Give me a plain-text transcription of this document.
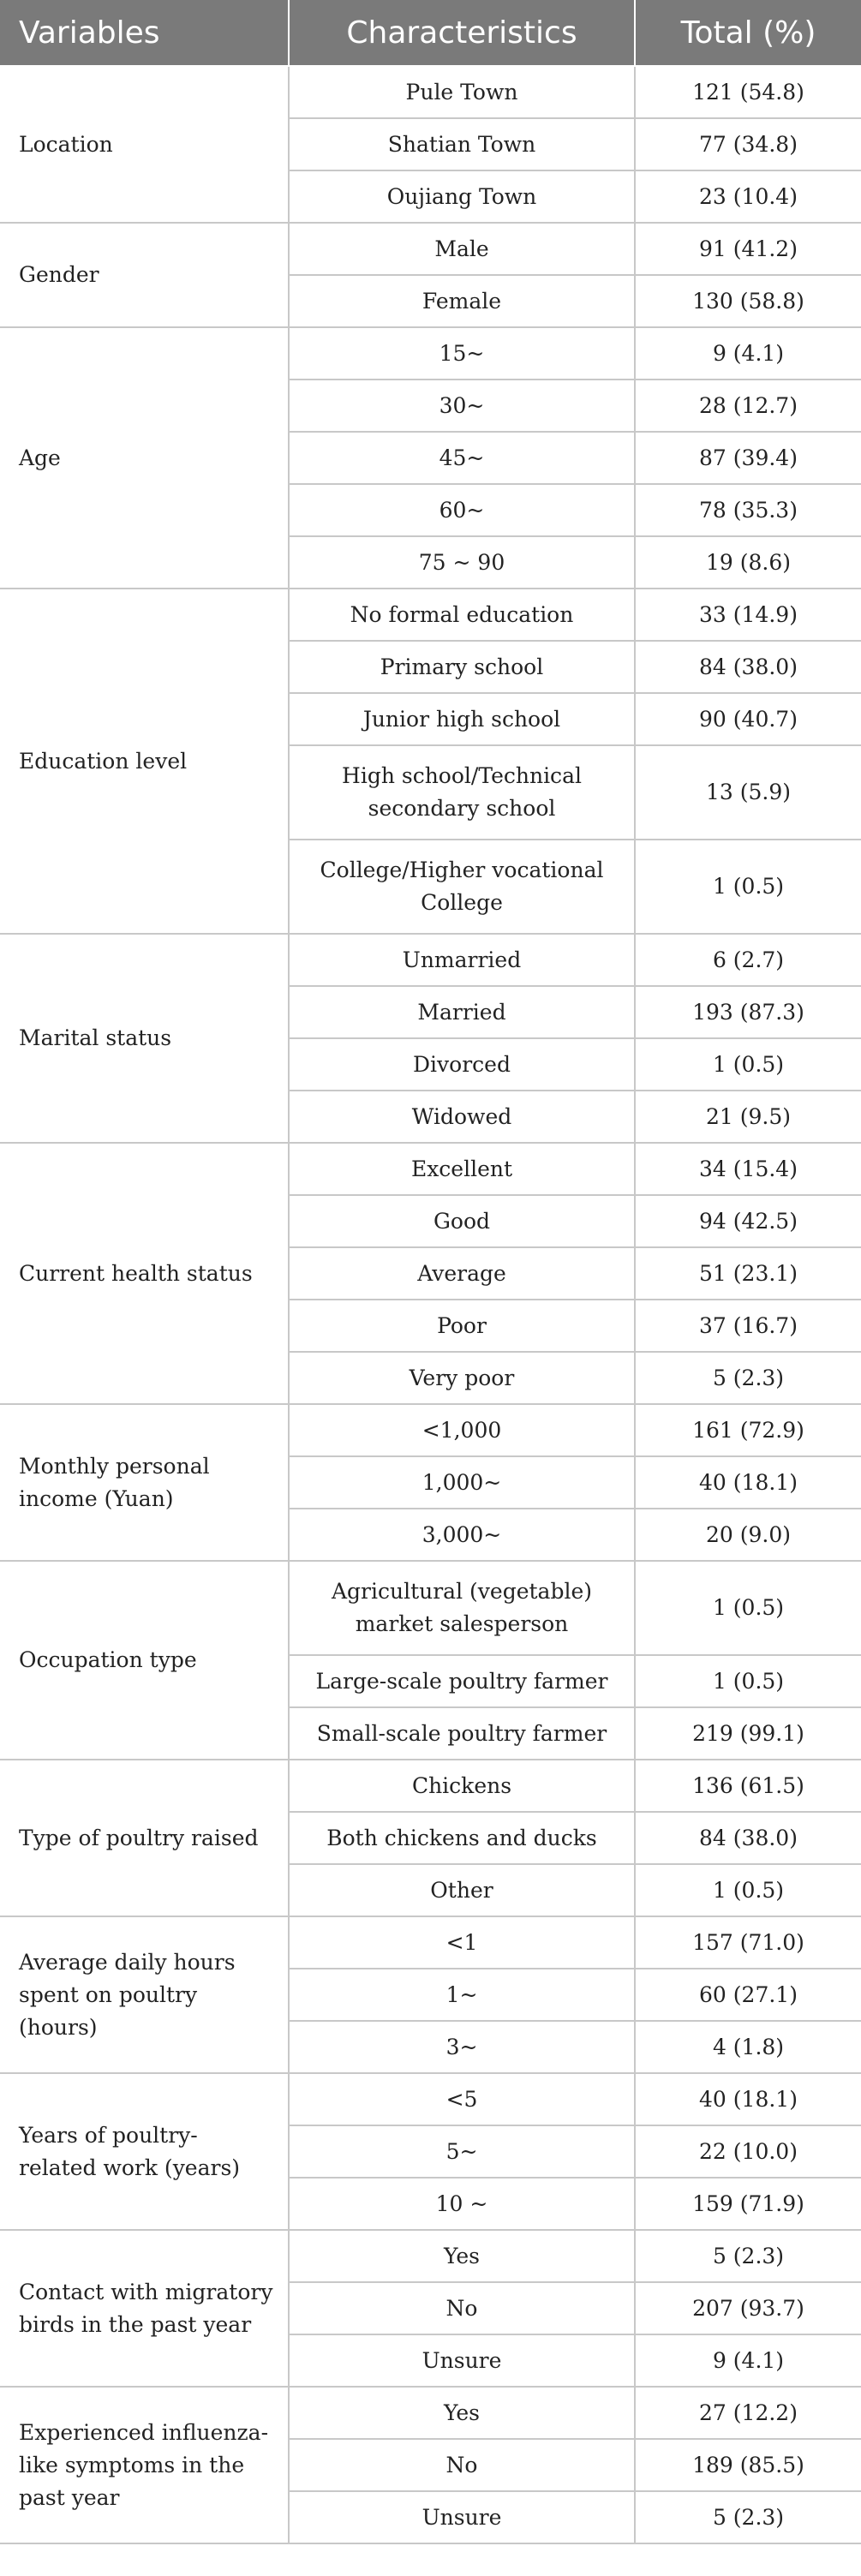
Variables	Characteristics	Total (%)
Location	Pule Town	121 (54.8)
	Shatian Town	77 (34.8)
	Oujiang Town	23 (10.4)
Gender	Male	91 (41.2)
	Female	130 (58.8)
Age	15~	9 (4.1)
	30~	28 (12.7)
	45~	87 (39.4)
	60~	78 (35.3)
	75 ~ 90	19 (8.6)
Education level	No formal education	33 (14.9)
	Primary school	84 (38.0)
	Junior high school	90 (40.7)
	High school/Technical secondary school	13 (5.9)
	College/Higher vocational College	1 (0.5)
Marital status	Unmarried	6 (2.7)
	Married	193 (87.3)
	Divorced	1 (0.5)
	Widowed	21 (9.5)
Current health status	Excellent	34 (15.4)
	Good	94 (42.5)
	Average	51 (23.1)
	Poor	37 (16.7)
	Very poor	5 (2.3)
Monthly personal income (Yuan)	<1,000	161 (72.9)
	1,000~	40 (18.1)
	3,000~	20 (9.0)
Occupation type	Agricultural (vegetable) market salesperson	1 (0.5)
	Large-scale poultry farmer	1 (0.5)
	Small-scale poultry farmer	219 (99.1)
Type of poultry raised	Chickens	136 (61.5)
	Both chickens and ducks	84 (38.0)
	Other	1 (0.5)
Average daily hours spent on poultry (hours)	<1	157 (71.0)
	1~	60 (27.1)
	3~	4 (1.8)
Years of poultry-related work (years)	<5	40 (18.1)
	5~	22 (10.0)
	10 ~	159 (71.9)
Contact with migratory birds in the past year	Yes	5 (2.3)
	No	207 (93.7)
	Unsure	9 (4.1)
Experienced influenza-like symptoms in the past year	Yes	27 (12.2)
	No	189 (85.5)
	Unsure	5 (2.3)
